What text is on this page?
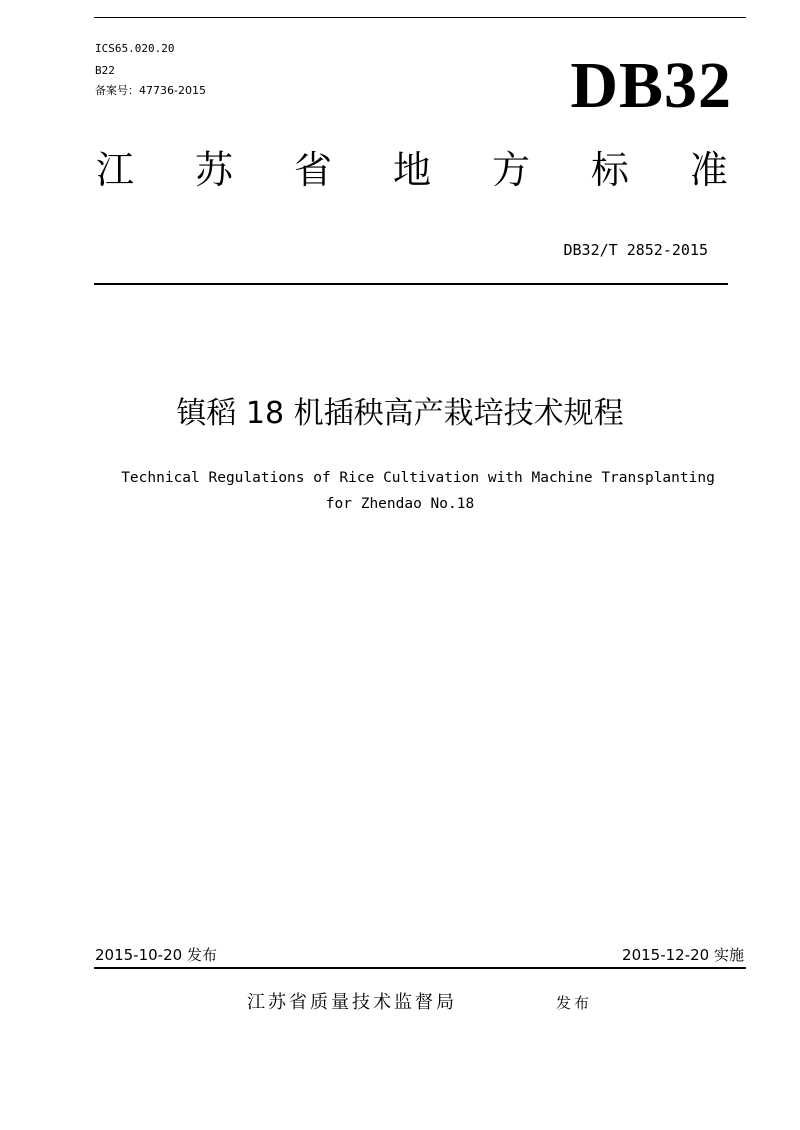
ICS65.020.20
B22
备案号：47736-2015	DB32
江 苏 省 地 方 标 准
DB32/T 2852-2015
镇稻 18 机插秧高产栽培技术规程
Technical Regulations of Rice Cultivation with Machine Transplanting
for Zhendao No.18
2015-10-20 发布	2015-12-20 实施
江苏省质量技术监督局	发布
